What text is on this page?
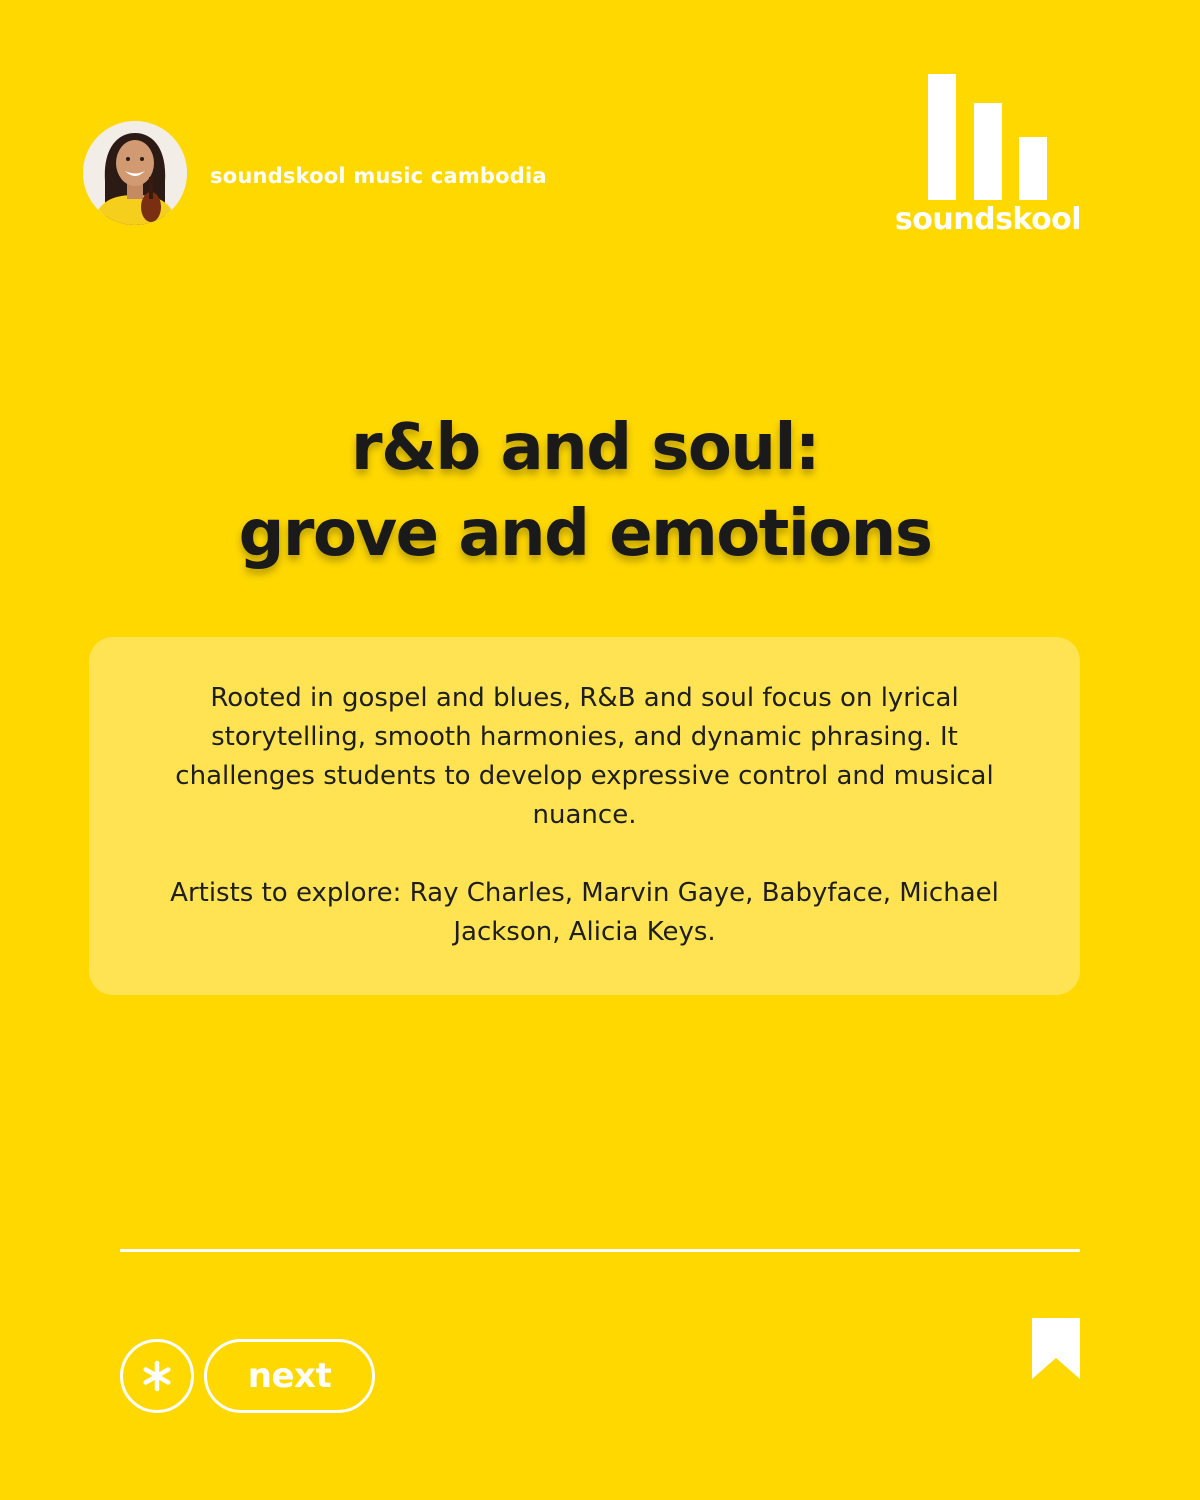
soundskool music cambodia
soundskool
r&b and soul:
grove and emotions

Rooted in gospel and blues, R&B and soul focus on lyrical storytelling, smooth harmonies, and dynamic phrasing. It challenges students to develop expressive control and musical nuance.

Artists to explore: Ray Charles, Marvin Gaye, Babyface, Michael Jackson, Alicia Keys.

next
